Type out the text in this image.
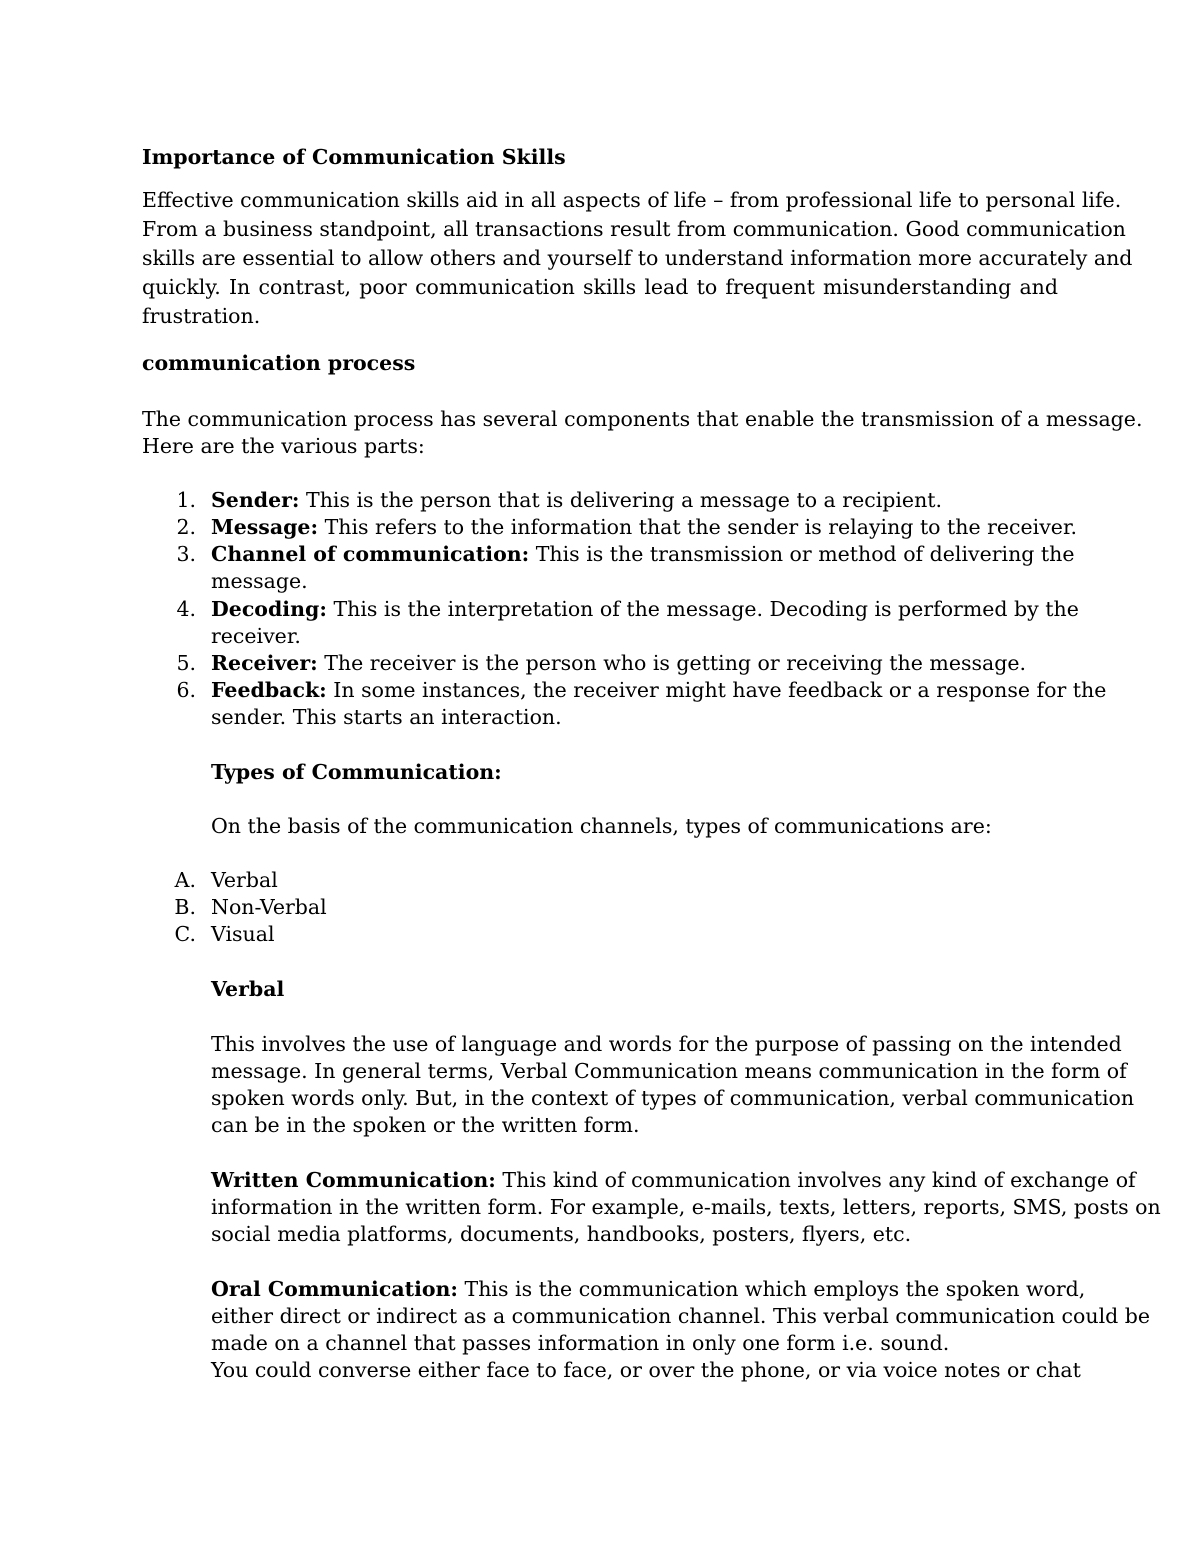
Importance of Communication Skills
Effective communication skills aid in all aspects of life – from professional life to personal life.
From a business standpoint, all transactions result from communication. Good communication
skills are essential to allow others and yourself to understand information more accurately and
quickly. In contrast, poor communication skills lead to frequent misunderstanding and
frustration.
communication process
The communication process has several components that enable the transmission of a message.
Here are the various parts:
1. Sender: This is the person that is delivering a message to a recipient.
2. Message: This refers to the information that the sender is relaying to the receiver.
3. Channel of communication: This is the transmission or method of delivering the
message.
4. Decoding: This is the interpretation of the message. Decoding is performed by the
receiver.
5. Receiver: The receiver is the person who is getting or receiving the message.
6. Feedback: In some instances, the receiver might have feedback or a response for the
sender. This starts an interaction.
Types of Communication:
On the basis of the communication channels, types of communications are:
A. Verbal
B. Non-Verbal
C. Visual
Verbal
This involves the use of language and words for the purpose of passing on the intended
message. In general terms, Verbal Communication means communication in the form of
spoken words only. But, in the context of types of communication, verbal communication
can be in the spoken or the written form.
Written Communication: This kind of communication involves any kind of exchange of
information in the written form. For example, e-mails, texts, letters, reports, SMS, posts on
social media platforms, documents, handbooks, posters, flyers, etc.
Oral Communication: This is the communication which employs the spoken word,
either direct or indirect as a communication channel. This verbal communication could be
made on a channel that passes information in only one form i.e. sound.
You could converse either face to face, or over the phone, or via voice notes or chat
